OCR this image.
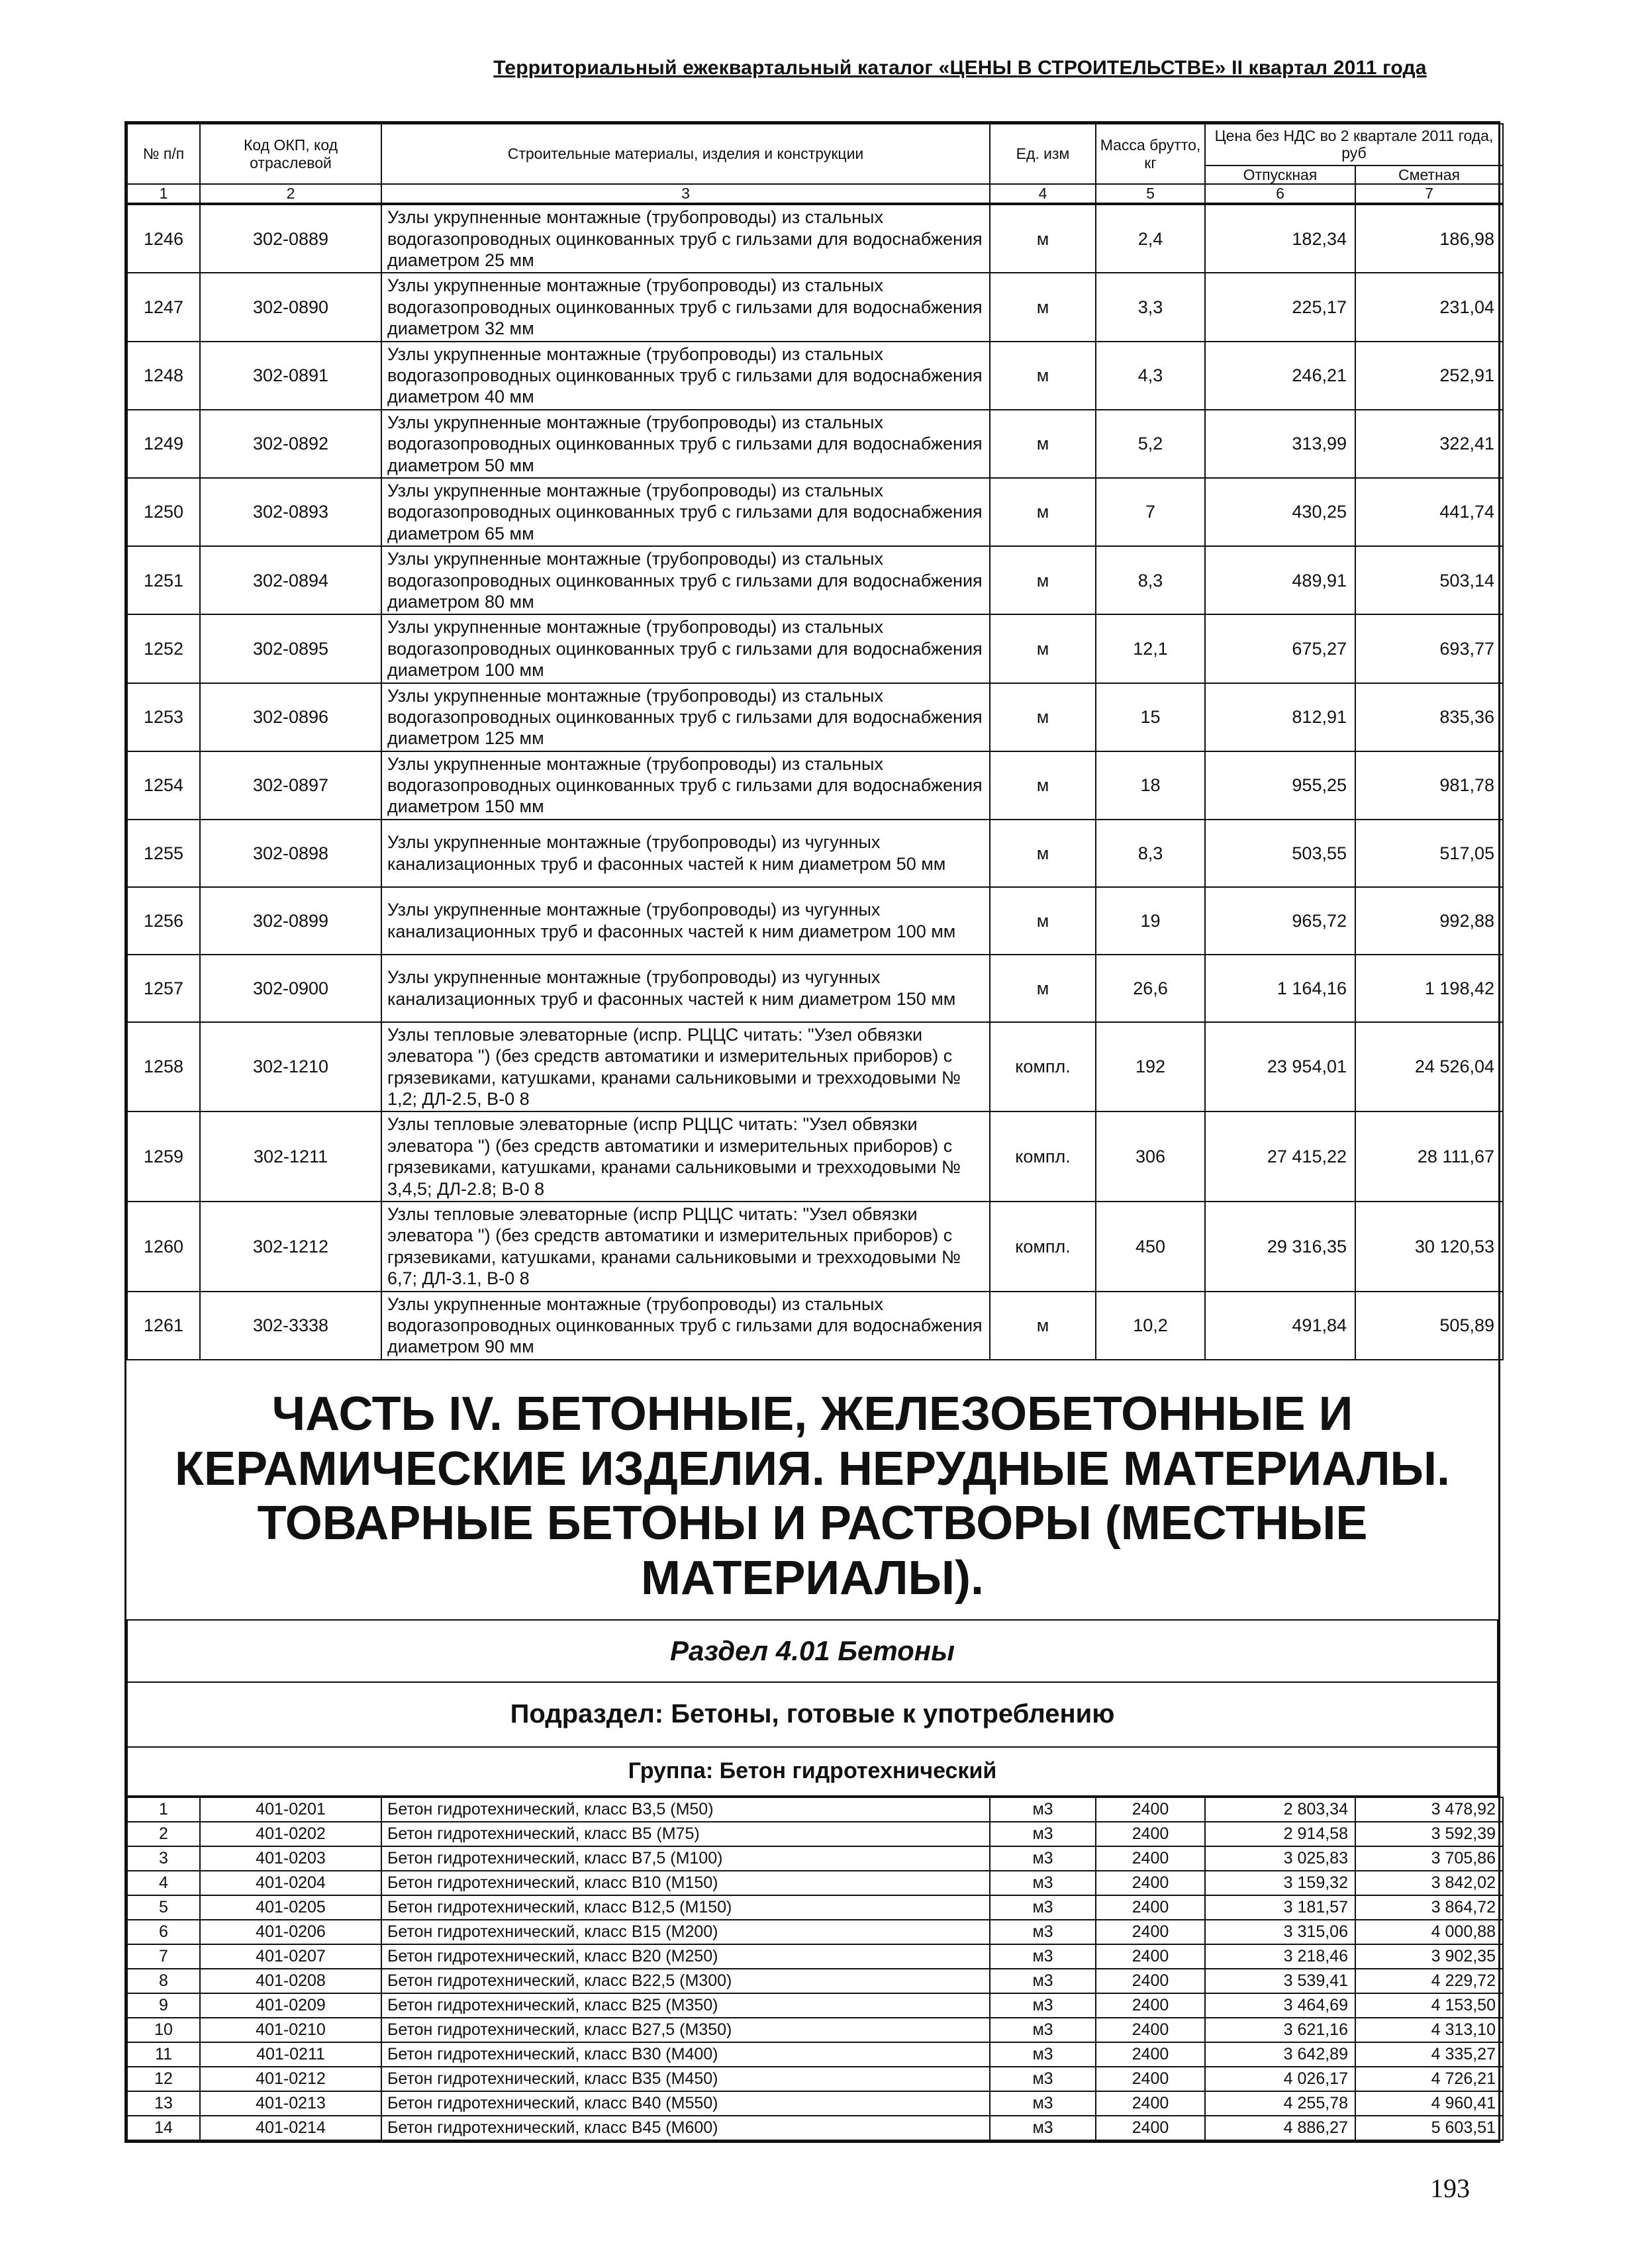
Территориальный ежеквартальный каталог «ЦЕНЫ В СТРОИТЕЛЬСТВЕ» II квартал 2011 года
№ п/п	Код ОКП, код отраслевой	Строительные материалы, изделия и конструкции	Ед. изм	Масса брутто, кг	Цена без НДС во 2 квартале 2011 года, руб	
					Отпускная	Сметная
1	2	3	4	5	6	7
1246	302-0889	Узлы укрупненные монтажные (трубопроводы) из стальных водогазопроводных оцинкованных труб с гильзами для водоснабжения диаметром 25 мм	м	2,4	182,34	186,98
1247	302-0890	Узлы укрупненные монтажные (трубопроводы) из стальных водогазопроводных оцинкованных труб с гильзами для водоснабжения диаметром 32 мм	м	3,3	225,17	231,04
1248	302-0891	Узлы укрупненные монтажные (трубопроводы) из стальных водогазопроводных оцинкованных труб с гильзами для водоснабжения диаметром 40 мм	м	4,3	246,21	252,91
1249	302-0892	Узлы укрупненные монтажные (трубопроводы) из стальных водогазопроводных оцинкованных труб с гильзами для водоснабжения диаметром 50 мм	м	5,2	313,99	322,41
1250	302-0893	Узлы укрупненные монтажные (трубопроводы) из стальных водогазопроводных оцинкованных труб с гильзами для водоснабжения диаметром 65 мм	м	7	430,25	441,74
1251	302-0894	Узлы укрупненные монтажные (трубопроводы) из стальных водогазопроводных оцинкованных труб с гильзами для водоснабжения диаметром 80 мм	м	8,3	489,91	503,14
1252	302-0895	Узлы укрупненные монтажные (трубопроводы) из стальных водогазопроводных оцинкованных труб с гильзами для водоснабжения диаметром 100 мм	м	12,1	675,27	693,77
1253	302-0896	Узлы укрупненные монтажные (трубопроводы) из стальных водогазопроводных оцинкованных труб с гильзами для водоснабжения диаметром 125 мм	м	15	812,91	835,36
1254	302-0897	Узлы укрупненные монтажные (трубопроводы) из стальных водогазопроводных оцинкованных труб с гильзами для водоснабжения диаметром 150 мм	м	18	955,25	981,78
1255	302-0898	Узлы укрупненные монтажные (трубопроводы) из чугунных канализационных труб и фасонных частей к ним диаметром 50 мм	м	8,3	503,55	517,05
1256	302-0899	Узлы укрупненные монтажные (трубопроводы) из чугунных канализационных труб и фасонных частей к ним диаметром 100 мм	м	19	965,72	992,88
1257	302-0900	Узлы укрупненные монтажные (трубопроводы) из чугунных канализационных труб и фасонных частей к ним диаметром 150 мм	м	26,6	1 164,16	1 198,42
1258	302-1210	Узлы тепловые элеваторные (испр. РЦЦС читать: "Узел обвязки элеватора ") (без средств автоматики и измерительных приборов) с грязевиками, катушками, кранами сальниковыми и трехходовыми № 1,2; ДЛ-2.5, В-0 8	компл.	192	23 954,01	24 526,04
1259	302-1211	Узлы тепловые элеваторные (испр РЦЦС читать: "Узел обвязки элеватора ") (без средств автоматики и измерительных приборов) с грязевиками, катушками, кранами сальниковыми и трехходовыми № 3,4,5; ДЛ-2.8; В-0 8	компл.	306	27 415,22	28 111,67
1260	302-1212	Узлы тепловые элеваторные (испр РЦЦС читать: "Узел обвязки элеватора ") (без средств автоматики и измерительных приборов) с грязевиками, катушками, кранами сальниковыми и трехходовыми № 6,7; ДЛ-3.1, В-0 8	компл.	450	29 316,35	30 120,53
1261	302-3338	Узлы укрупненные монтажные (трубопроводы) из стальных водогазопроводных оцинкованных труб с гильзами для водоснабжения диаметром 90 мм	м	10,2	491,84	505,89
ЧАСТЬ IV. БЕТОННЫЕ, ЖЕЛЕЗОБЕТОННЫЕ И КЕРАМИЧЕСКИЕ ИЗДЕЛИЯ. НЕРУДНЫЕ МАТЕРИАЛЫ. ТОВАРНЫЕ БЕТОНЫ И РАСТВОРЫ (МЕСТНЫЕ МАТЕРИАЛЫ).
Раздел 4.01 Бетоны
Подраздел: Бетоны, готовые к употреблению
Группа: Бетон гидротехнический
1	401-0201	Бетон гидротехнический, класс В3,5 (М50)	м3	2400	2 803,34	3 478,92
2	401-0202	Бетон гидротехнический, класс В5 (М75)	м3	2400	2 914,58	3 592,39
3	401-0203	Бетон гидротехнический, класс В7,5 (М100)	м3	2400	3 025,83	3 705,86
4	401-0204	Бетон гидротехнический, класс В10 (М150)	м3	2400	3 159,32	3 842,02
5	401-0205	Бетон гидротехнический, класс В12,5 (М150)	м3	2400	3 181,57	3 864,72
6	401-0206	Бетон гидротехнический, класс В15 (М200)	м3	2400	3 315,06	4 000,88
7	401-0207	Бетон гидротехнический, класс В20 (М250)	м3	2400	3 218,46	3 902,35
8	401-0208	Бетон гидротехнический, класс В22,5 (М300)	м3	2400	3 539,41	4 229,72
9	401-0209	Бетон гидротехнический, класс В25 (М350)	м3	2400	3 464,69	4 153,50
10	401-0210	Бетон гидротехнический, класс В27,5 (М350)	м3	2400	3 621,16	4 313,10
11	401-0211	Бетон гидротехнический, класс В30 (М400)	м3	2400	3 642,89	4 335,27
12	401-0212	Бетон гидротехнический, класс В35 (М450)	м3	2400	4 026,17	4 726,21
13	401-0213	Бетон гидротехнический, класс В40 (М550)	м3	2400	4 255,78	4 960,41
14	401-0214	Бетон гидротехнический, класс В45 (М600)	м3	2400	4 886,27	5 603,51
193
